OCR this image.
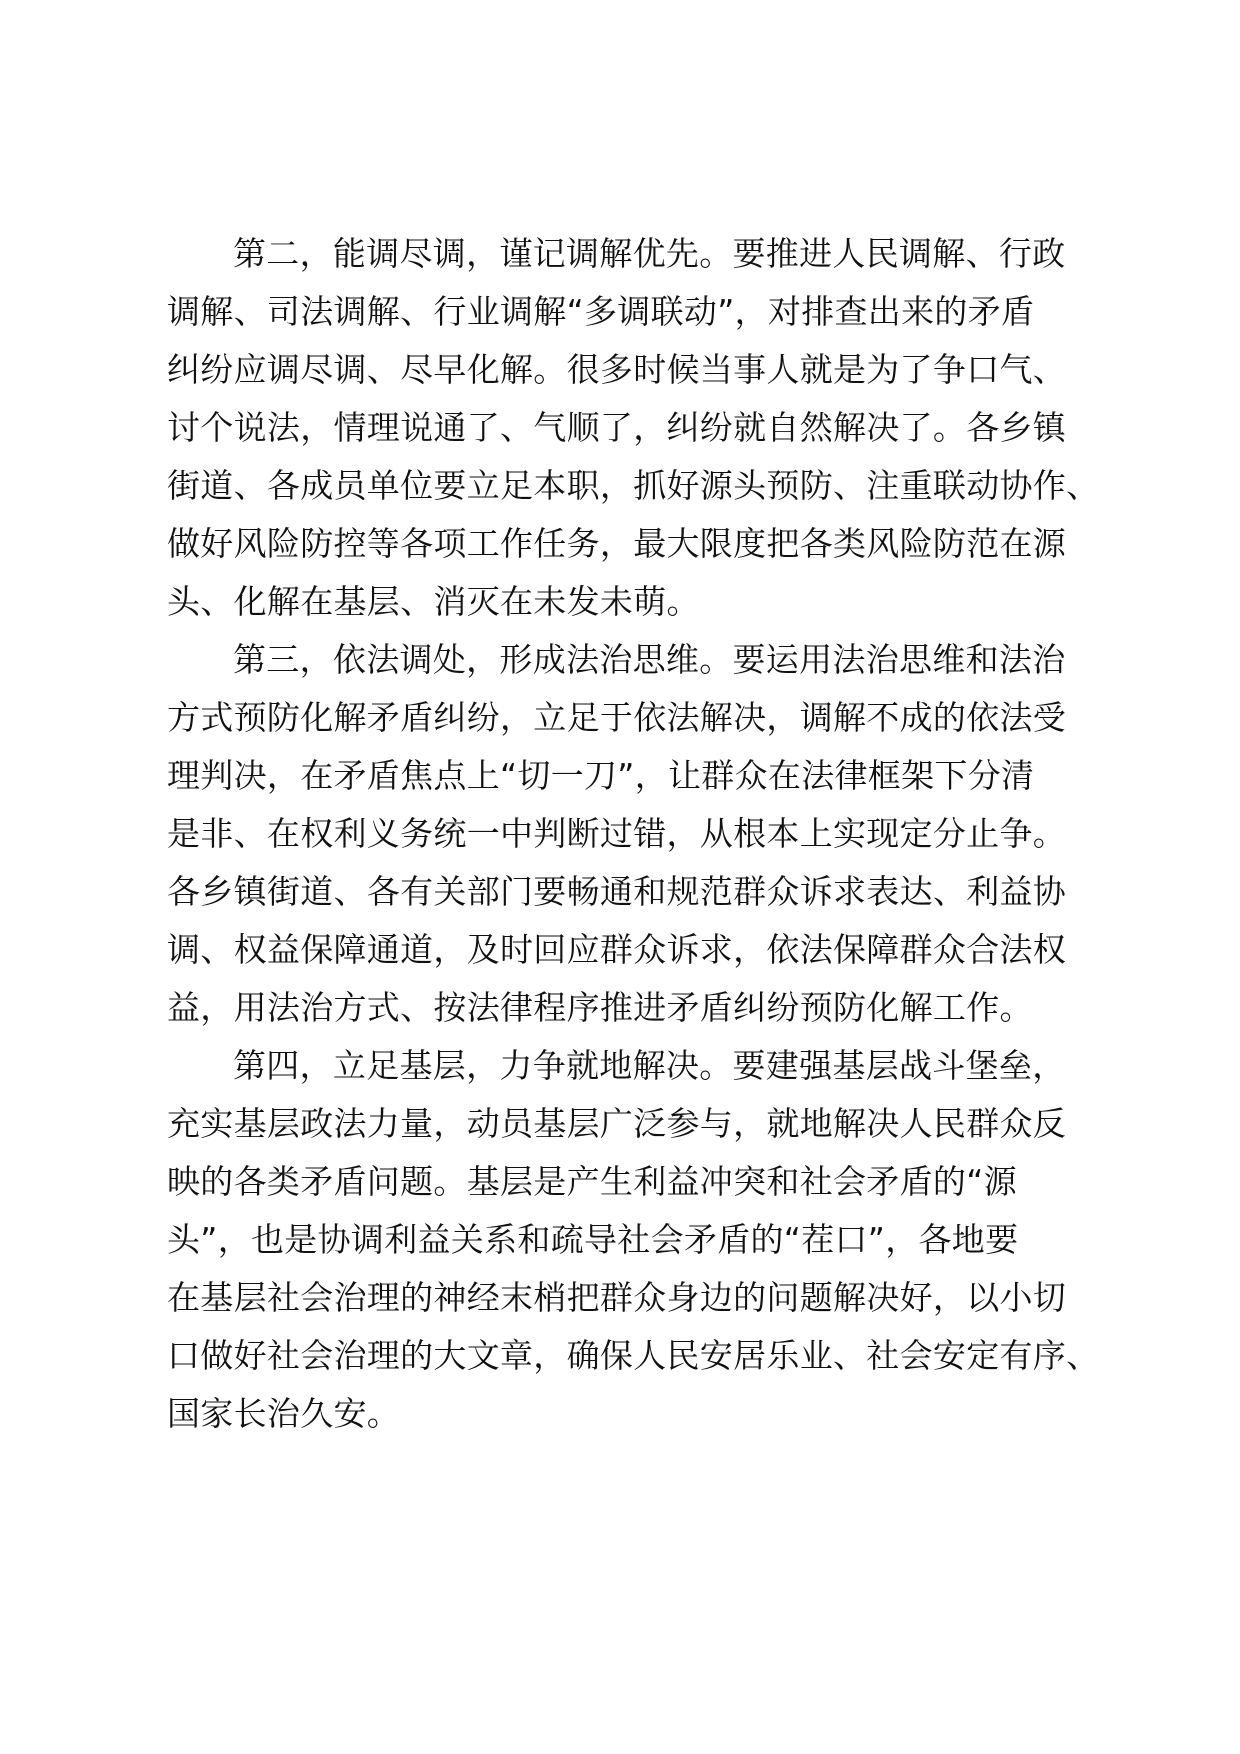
第二，能调尽调，谨记调解优先。要推进人民调解、行政
调解、司法调解、行业调解“多调联动”，对排查出来的矛盾
纠纷应调尽调、尽早化解。很多时候当事人就是为了争口气、
讨个说法，情理说通了、气顺了，纠纷就自然解决了。各乡镇
街道、各成员单位要立足本职，抓好源头预防、注重联动协作、
做好风险防控等各项工作任务，最大限度把各类风险防范在源
头、化解在基层、消灭在未发未萌。
第三，依法调处，形成法治思维。要运用法治思维和法治
方式预防化解矛盾纠纷，立足于依法解决，调解不成的依法受
理判决，在矛盾焦点上“切一刀”，让群众在法律框架下分清
是非、在权利义务统一中判断过错，从根本上实现定分止争。
各乡镇街道、各有关部门要畅通和规范群众诉求表达、利益协
调、权益保障通道，及时回应群众诉求，依法保障群众合法权
益，用法治方式、按法律程序推进矛盾纠纷预防化解工作。
第四，立足基层，力争就地解决。要建强基层战斗堡垒，
充实基层政法力量，动员基层广泛参与，就地解决人民群众反
映的各类矛盾问题。基层是产生利益冲突和社会矛盾的“源
头”，也是协调利益关系和疏导社会矛盾的“茬口”，各地要
在基层社会治理的神经末梢把群众身边的问题解决好，以小切
口做好社会治理的大文章，确保人民安居乐业、社会安定有序、
国家长治久安。
